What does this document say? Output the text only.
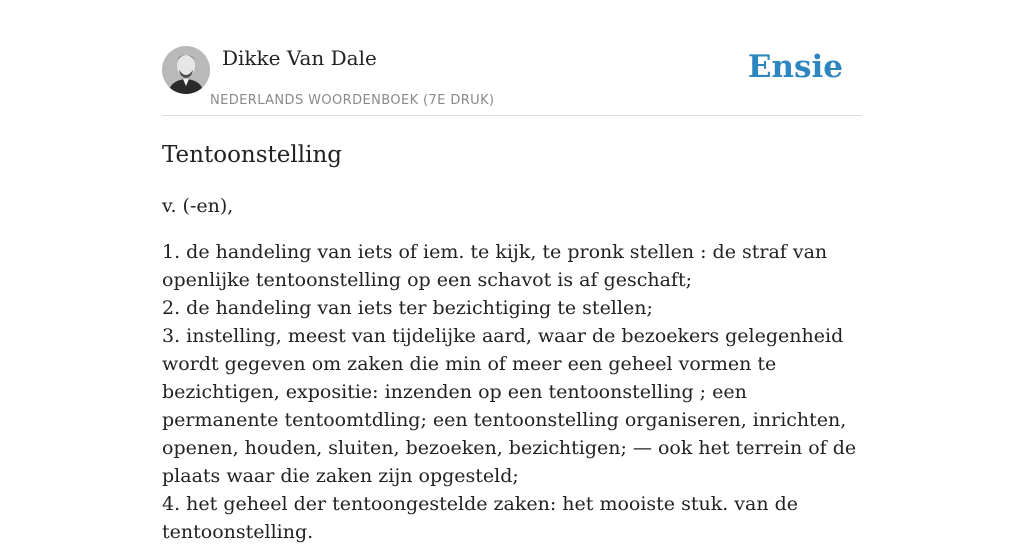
Dikke Van Dale
NEDERLANDS WOORDENBOEK (7E DRUK)
Ensie
Tentoonstelling

v. (-en),

1. de handeling van iets of iem. te kijk, te pronk stellen : de straf van openlijke tentoonstelling op een schavot is af geschaft;
2. de handeling van iets ter bezichtiging te stellen;
3. instelling, meest van tijdelijke aard, waar de bezoekers gelegenheid wordt gegeven om zaken die min of meer een geheel vormen te bezichtigen, expositie: inzenden op een tentoonstelling ; een permanente tentoomtdling; een tentoonstelling organiseren, inrichten, openen, houden, sluiten, bezoeken, bezichtigen; — ook het terrein of de plaats waar die zaken zijn opgesteld;
4. het geheel der tentoongestelde zaken: het mooiste stuk. van de tentoonstelling.
